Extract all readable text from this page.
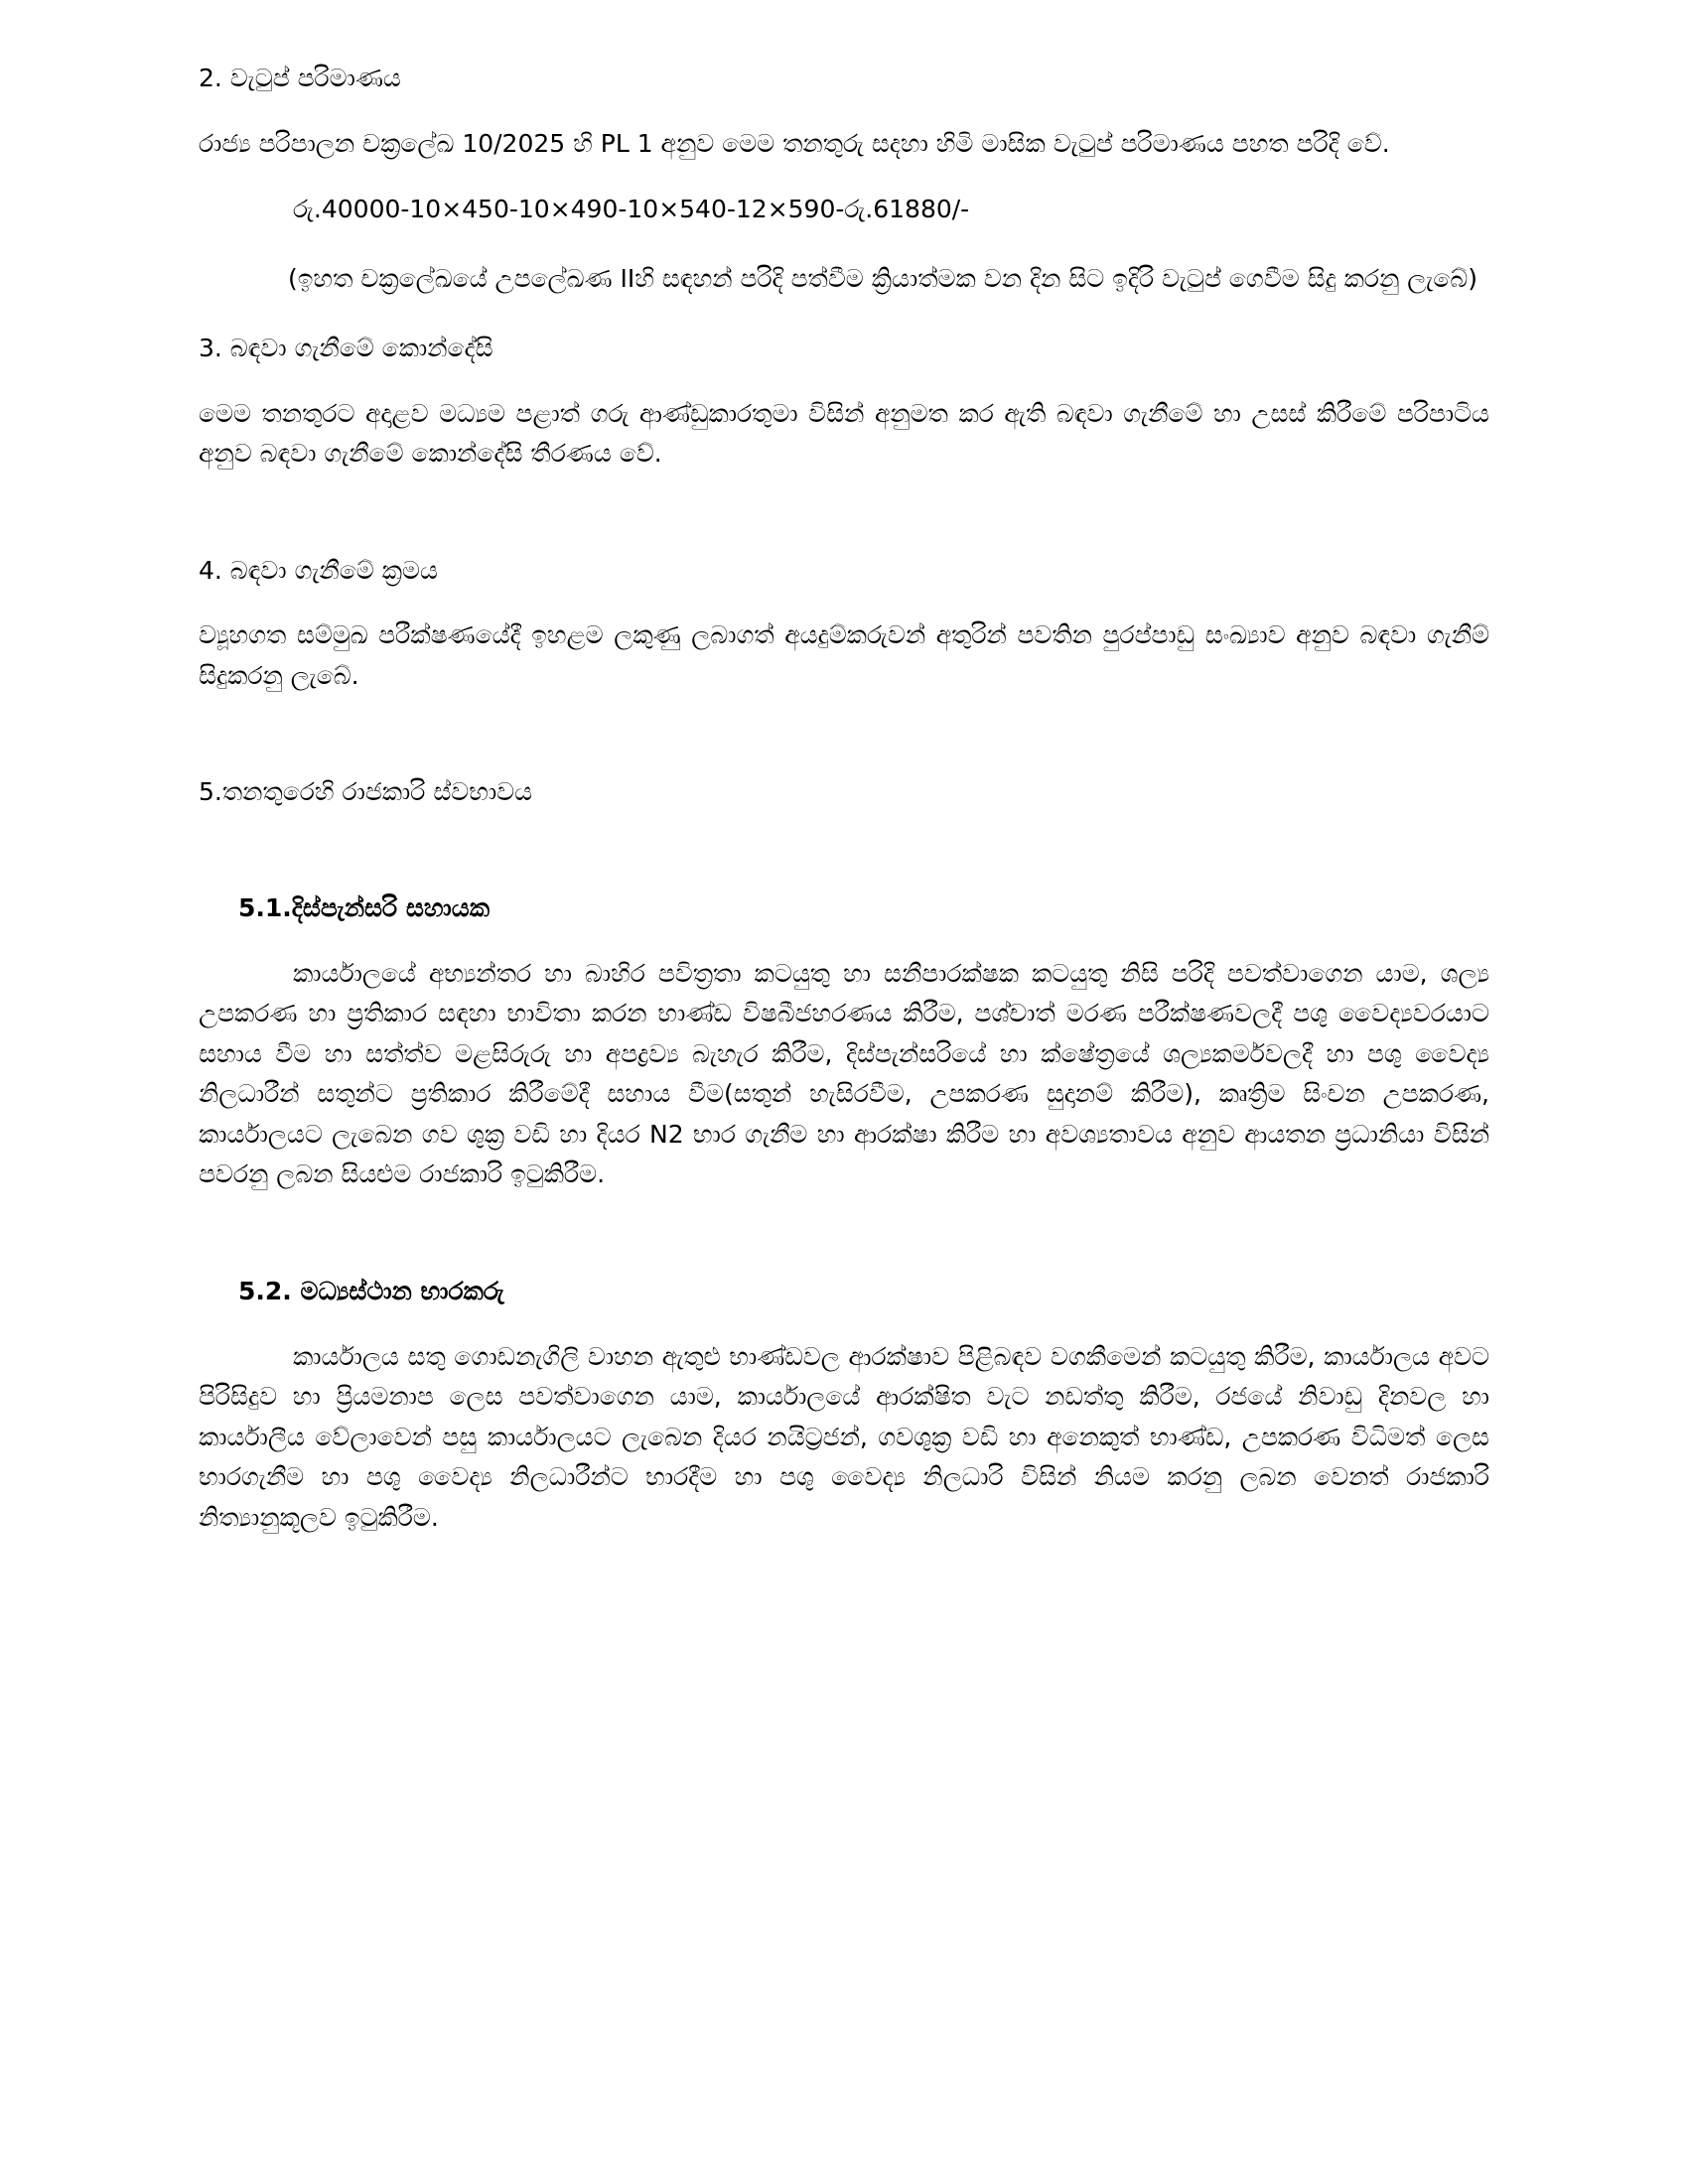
2. වැටුප් පරිමාණය

රාජ්‍ය පරිපාලන චක්‍රලේඛ 10/2025 හි PL 1 අනුව මෙම තනතුරු සදහා හිමි මාසික වැටුප් පරිමාණය පහත පරිදි වේ.

රු.40000-10×450-10×490-10×540-12×590-රු.61880/-

(ඉහත චක්‍රලේඛයේ උපලේඛණ IIහි සඳහන් පරිදි පත්වීම ක්‍රියාත්මක වන දින සිට ඉදිරි වැටුප් ගෙවීම සිදු කරනු ලැබේ)

3. බඳවා ගැනීමේ කොන්දේසි

මෙම තනතුරට අදාළව මධ්‍යම පළාත් ගරු ආණ්ඩුකාරතුමා විසින් අනුමත කර ඇති බඳවා ගැනීමේ හා උසස් කිරීමේ පරිපාටිය අනුව බඳවා ගැනීමේ කොන්දේසි තීරණය වේ.

4. බඳවා ගැනීමේ ක්‍රමය

ව්‍යූහගත සම්මුඛ පරීක්ෂණයේදී ඉහළම ලකුණු ලබාගත් අයදුම්කරුවන් අතුරින් පවතින පුරප්පාඩු සංඛ්‍යාව අනුව බඳවා ගැනීම් සිදුකරනු ලැබේ.

5.තනතුරෙහි රාජකාරි ස්වභාවය
5.1.දිස්පැන්සරි සහායක

කාර්යාලයේ අභ්‍යන්තර හා බාහිර පවිත්‍රතා කටයුතු හා සනීපාරක්ෂක කටයුතු නිසි පරිදි පවත්වාගෙන යාම, ශල්‍ය උපකරණ හා ප්‍රතිකාර සඳහා භාවිතා කරන භාණ්ඩ විෂබීජහරණය කිරීම, පශ්චාත් මරණ පරීක්ෂණවලදී පශු වෛද්‍යවරයාට සහාය වීම හා සත්ත්ව මළසිරුරු හා අපද්‍රව්‍ය බැහැර කිරීම, දිස්පැන්සරියේ හා ක්ෂේත්‍රයේ ශල්‍යකර්මවලදී හා පශු වෛද්‍ය නිලධාරීන් සතුන්ට ප්‍රතිකාර කිරීමේදී සහාය වීම(සතුන් හැසිරවීම, උපකරණ සුදානම් කිරීම), කෘත්‍රිම සිංචන උපකරණ, කාර්යාලයට ලැබෙන ගව ශුක්‍ර වඩි හා දියර N2 භාර ගැනීම හා ආරක්ෂා කිරීම හා අවශ්‍යතාවය අනුව ආයතන ප්‍රධානියා විසින් පවරනු ලබන සියළුම රාජකාරි ඉටුකිරීම.

5.2. මධ්‍යස්ථාන භාරකරු

කාර්යාලය සතු ගොඩනැගිලි වාහන ඇතුළු භාණ්ඩවල ආරක්ෂාව පිළිබඳව වගකීමෙන් කටයුතු කිරීම, කාර්යාලය අවට පිරිසිදුව හා ප්‍රියමනාප ලෙස පවත්වාගෙන යාම, කාර්යාලයේ ආරක්ෂිත වැට නඩත්තු කිරීම, රජයේ නිවාඩු දිනවල හා කාර්යාලීය වේලාවෙන් පසු කාර්යාලයට ලැබෙන දියර නයිට්‍රජන්, ගවශුක්‍ර වඩි හා අනෙකුත් භාණ්ඩ, උපකරණ විධිමත් ලෙස භාරගැනීම හා පශු වෛද්‍ය නිලධාරීන්ට භාරදීම හා පශු වෛද්‍ය නිලධාරි විසින් නියම කරනු ලබන වෙනත් රාජකාරි නිත්‍යානුකූලව ඉටුකිරීම.
